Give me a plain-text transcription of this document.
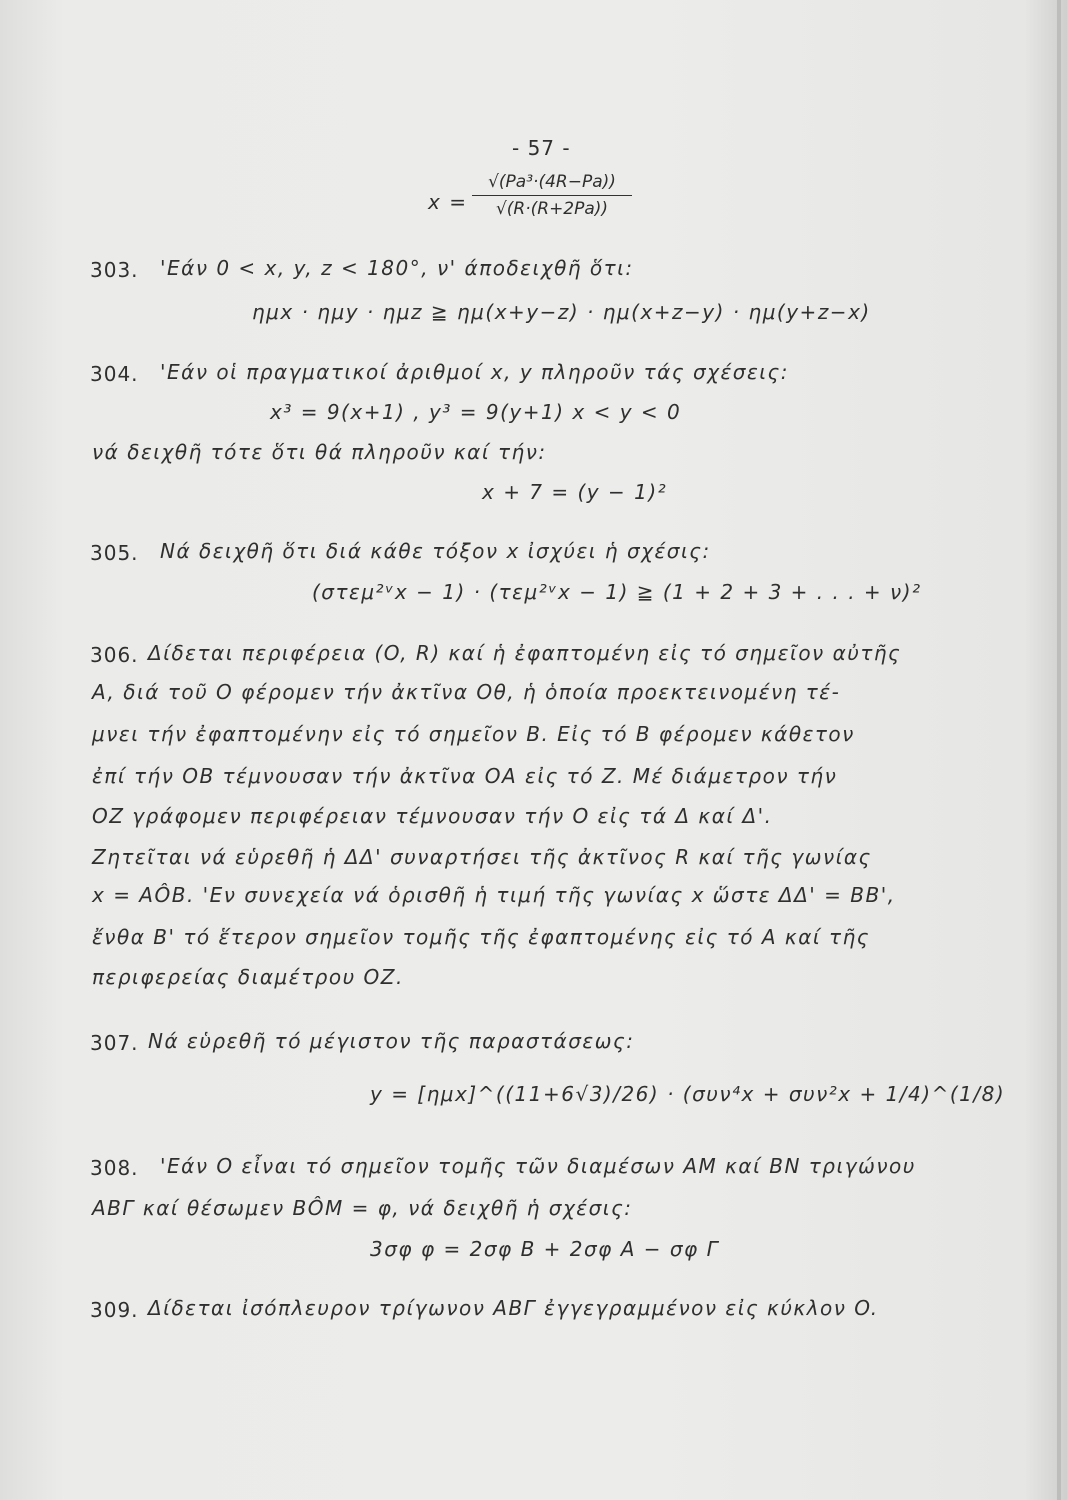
- 57 -
x =
√(Pa³·(4R−Pa))
√(R·(R+2Pa))
303. 'Εάν 0 < x, y, z < 180°, ν' άποδειχθῆ ὅτι:
ημx · ημy · ημz ≧ ημ(x+y−z) · ημ(x+z−y) · ημ(y+z−x)
304. 'Εάν οἱ πραγματικοί ἀριθμοί x, y πληροῦν τάς σχέσεις:
x³ = 9(x+1) , y³ = 9(y+1) x < y < 0
νά δειχθῆ τότε ὅτι θά πληροῦν καί τήν:
x + 7 = (y − 1)²
305. Νά δειχθῆ ὅτι διά κάθε τόξον x ἰσχύει ἡ σχέσις:
(στεμ²ᵛx − 1) · (τεμ²ᵛx − 1) ≧ (1 + 2 + 3 + . . . + ν)²
306. Δίδεται περιφέρεια (O, R) καί ἡ ἐφαπτομένη εἰς τό σημεῖον αὐτῆς
A, διά τοῦ O φέρομεν τήν ἀκτῖνα Oθ, ἡ ὁποία προεκτεινομένη τέ-
μνει τήν ἐφαπτομένην εἰς τό σημεῖον B. Εἰς τό B φέρομεν κάθετον
ἐπί τήν OB τέμνουσαν τήν ἀκτῖνα OA εἰς τό Z. Μέ διάμετρον τήν
OZ γράφομεν περιφέρειαν τέμνουσαν τήν O εἰς τά Δ καί Δ'.
Ζητεῖται νά εὑρεθῆ ἡ ΔΔ' συναρτήσει τῆς ἀκτῖνος R καί τῆς γωνίας
x = AÔB. 'Εν συνεχεία νά ὁρισθῆ ἡ τιμή τῆς γωνίας x ὥστε ΔΔ' = BB',
ἔνθα B' τό ἕτερον σημεῖον τομῆς τῆς ἐφαπτομένης εἰς τό A καί τῆς
περιφερείας διαμέτρου OZ.
307. Νά εὑρεθῆ τό μέγιστον τῆς παραστάσεως:
y = [ημx]^((11+6√3)/26) · (συν⁴x + συν²x + 1/4)^(1/8)
308. 'Εάν O εἶναι τό σημεῖον τομῆς τῶν διαμέσων AM καί BN τριγώνου
ABΓ καί θέσωμεν BÔM = φ, νά δειχθῆ ἡ σχέσις:
3σφ φ = 2σφ B + 2σφ A − σφ Γ
309. Δίδεται ἰσόπλευρον τρίγωνον ABΓ ἐγγεγραμμένον εἰς κύκλον O.
